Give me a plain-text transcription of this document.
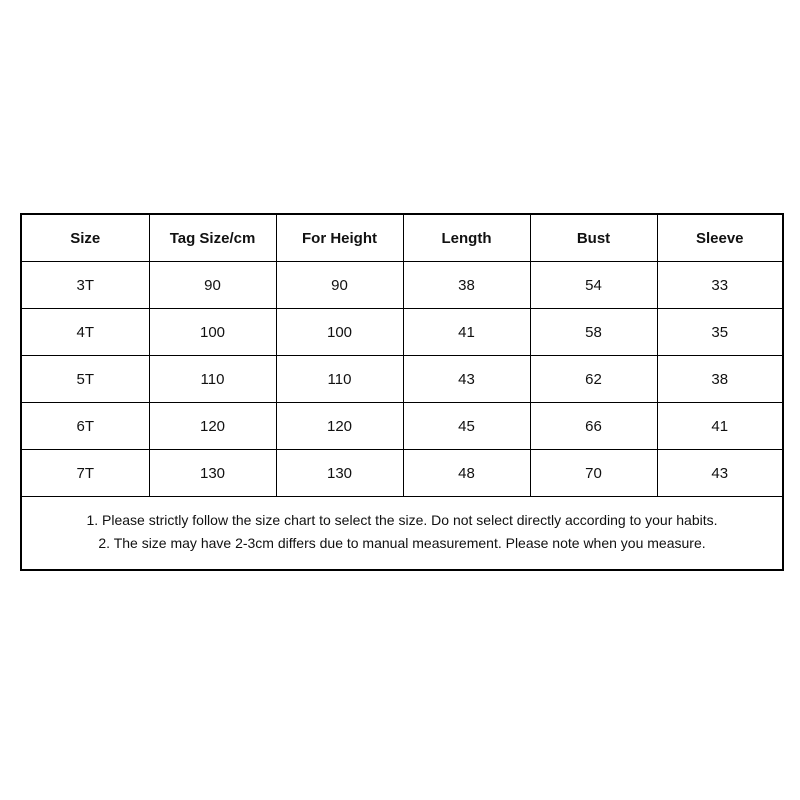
Size	Tag Size/cm	For Height	Length	Bust	Sleeve
3T	90	90	38	54	33
4T	100	100	41	58	35
5T	110	110	43	62	38
6T	120	120	45	66	41
7T	130	130	48	70	43
1. Please strictly follow the size chart to select the size. Do not select directly according to your habits.
2. The size may have 2-3cm differs due to manual measurement. Please note when you measure.
